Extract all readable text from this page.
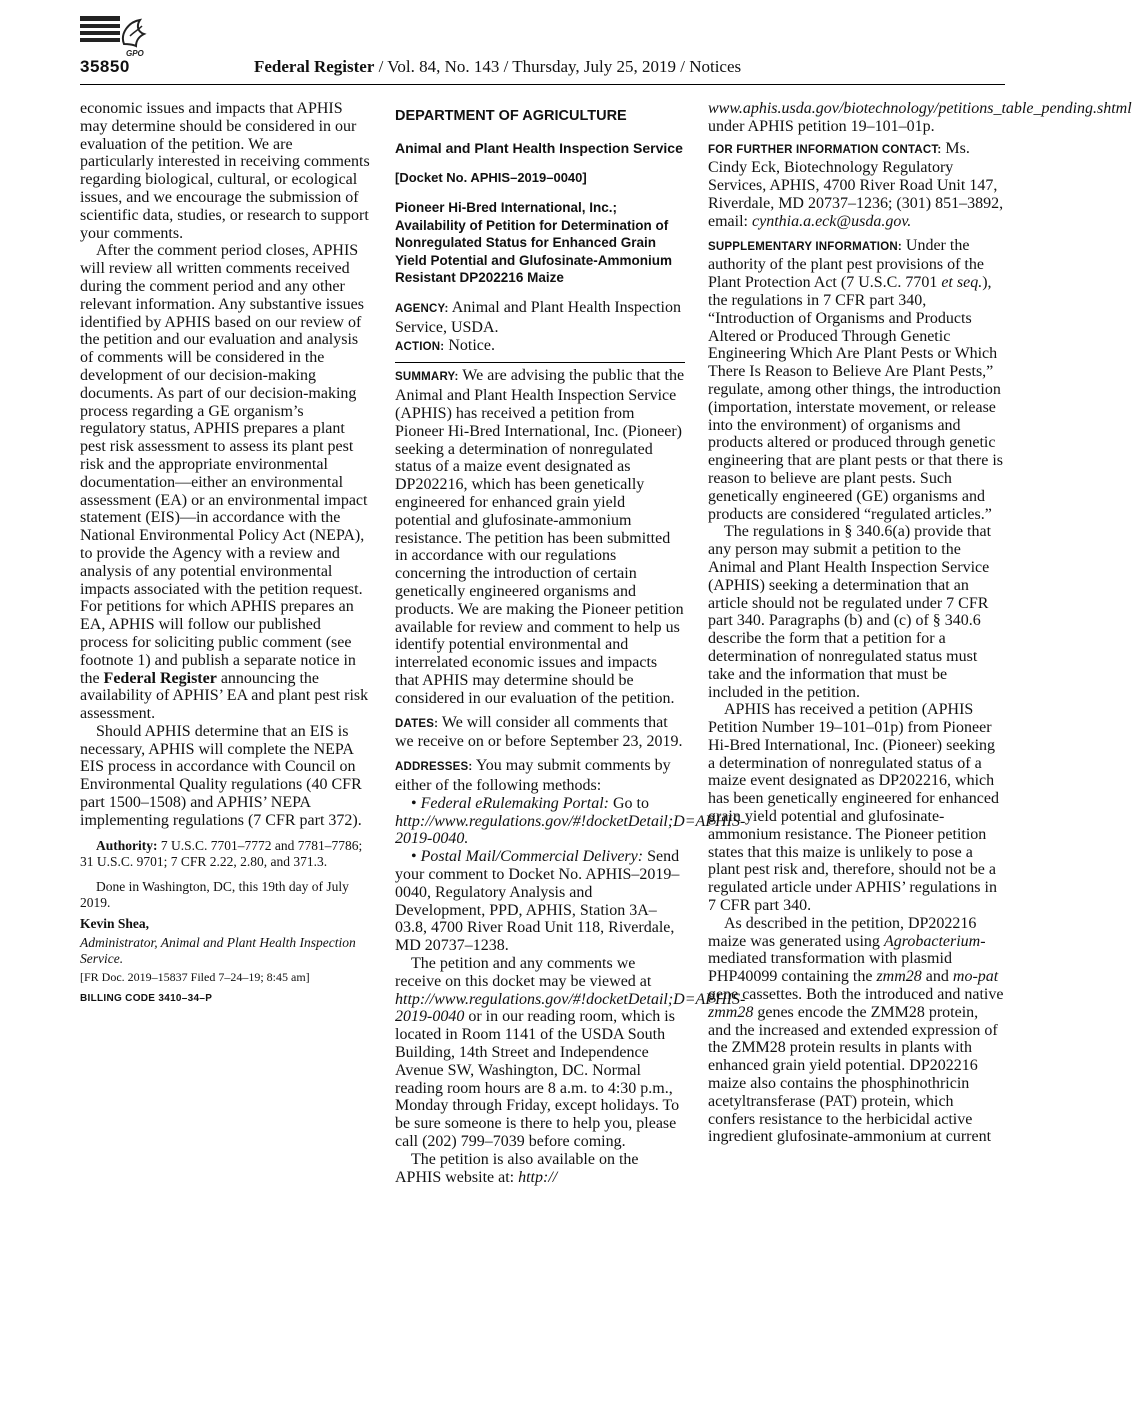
GPO
35850	Federal Register / Vol. 84, No. 143 / Thursday, July 25, 2019 / Notices

economic issues and impacts that APHIS may determine should be considered in our evaluation of the petition. We are particularly interested in receiving comments regarding biological, cultural, or ecological issues, and we encourage the submission of scientific data, studies, or research to support your comments.

After the comment period closes, APHIS will review all written comments received during the comment period and any other relevant information. Any substantive issues identified by APHIS based on our review of the petition and our evaluation and analysis of comments will be considered in the development of our decision-making documents. As part of our decision-making process regarding a GE organism’s regulatory status, APHIS prepares a plant pest risk assessment to assess its plant pest risk and the appropriate environmental documentation—either an environmental assessment (EA) or an environmental impact statement (EIS)—in accordance with the National Environmental Policy Act (NEPA), to provide the Agency with a review and analysis of any potential environmental impacts associated with the petition request. For petitions for which APHIS prepares an EA, APHIS will follow our published process for soliciting public comment (see footnote 1) and publish a separate notice in the Federal Register announcing the availability of APHIS’ EA and plant pest risk assessment.

Should APHIS determine that an EIS is necessary, APHIS will complete the NEPA EIS process in accordance with Council on Environmental Quality regulations (40 CFR part 1500–1508) and APHIS’ NEPA implementing regulations (7 CFR part 372).

Authority: 7 U.S.C. 7701–7772 and 7781–7786; 31 U.S.C. 9701; 7 CFR 2.22, 2.80, and 371.3.

Done in Washington, DC, this 19th day of July 2019.

Kevin Shea,

Administrator, Animal and Plant Health Inspection Service.

[FR Doc. 2019–15837 Filed 7–24–19; 8:45 am]

BILLING CODE 3410–34–P

DEPARTMENT OF AGRICULTURE

Animal and Plant Health Inspection Service

[Docket No. APHIS–2019–0040]

Pioneer Hi-Bred International, Inc.; Availability of Petition for Determination of Nonregulated Status for Enhanced Grain Yield Potential and Glufosinate-Ammonium Resistant DP202216 Maize

AGENCY: Animal and Plant Health Inspection Service, USDA.

ACTION: Notice.

SUMMARY: We are advising the public that the Animal and Plant Health Inspection Service (APHIS) has received a petition from Pioneer Hi-Bred International, Inc. (Pioneer) seeking a determination of nonregulated status of a maize event designated as DP202216, which has been genetically engineered for enhanced grain yield potential and glufosinate-ammonium resistance. The petition has been submitted in accordance with our regulations concerning the introduction of certain genetically engineered organisms and products. We are making the Pioneer petition available for review and comment to help us identify potential environmental and interrelated economic issues and impacts that APHIS may determine should be considered in our evaluation of the petition.

DATES: We will consider all comments that we receive on or before September 23, 2019.

ADDRESSES: You may submit comments by either of the following methods:

• Federal eRulemaking Portal: Go to http://www.regulations.gov/#!docketDetail;D=APHIS-2019-0040.

• Postal Mail/Commercial Delivery: Send your comment to Docket No. APHIS–2019–0040, Regulatory Analysis and Development, PPD, APHIS, Station 3A–03.8, 4700 River Road Unit 118, Riverdale, MD 20737–1238.

The petition and any comments we receive on this docket may be viewed at http://www.regulations.gov/#!docketDetail;D=APHIS-2019-0040 or in our reading room, which is located in Room 1141 of the USDA South Building, 14th Street and Independence Avenue SW, Washington, DC. Normal reading room hours are 8 a.m. to 4:30 p.m., Monday through Friday, except holidays. To be sure someone is there to help you, please call (202) 799–7039 before coming.

The petition is also available on the APHIS website at: http://

www.aphis.usda.gov/biotechnology/petitions_table_pending.shtml under APHIS petition 19–101–01p.

FOR FURTHER INFORMATION CONTACT: Ms. Cindy Eck, Biotechnology Regulatory Services, APHIS, 4700 River Road Unit 147, Riverdale, MD 20737–1236; (301) 851–3892, email: cynthia.a.eck@usda.gov.

SUPPLEMENTARY INFORMATION: Under the authority of the plant pest provisions of the Plant Protection Act (7 U.S.C. 7701 et seq.), the regulations in 7 CFR part 340, “Introduction of Organisms and Products Altered or Produced Through Genetic Engineering Which Are Plant Pests or Which There Is Reason to Believe Are Plant Pests,” regulate, among other things, the introduction (importation, interstate movement, or release into the environment) of organisms and products altered or produced through genetic engineering that are plant pests or that there is reason to believe are plant pests. Such genetically engineered (GE) organisms and products are considered “regulated articles.”

The regulations in § 340.6(a) provide that any person may submit a petition to the Animal and Plant Health Inspection Service (APHIS) seeking a determination that an article should not be regulated under 7 CFR part 340. Paragraphs (b) and (c) of § 340.6 describe the form that a petition for a determination of nonregulated status must take and the information that must be included in the petition.

APHIS has received a petition (APHIS Petition Number 19–101–01p) from Pioneer Hi-Bred International, Inc. (Pioneer) seeking a determination of nonregulated status of a maize event designated as DP202216, which has been genetically engineered for enhanced grain yield potential and glufosinate-ammonium resistance. The Pioneer petition states that this maize is unlikely to pose a plant pest risk and, therefore, should not be a regulated article under APHIS’ regulations in 7 CFR part 340.

As described in the petition, DP202216 maize was generated using Agrobacterium-mediated transformation with plasmid PHP40099 containing the zmm28 and mo-pat gene cassettes. Both the introduced and native zmm28 genes encode the ZMM28 protein, and the increased and extended expression of the ZMM28 protein results in plants with enhanced grain yield potential. DP202216 maize also contains the phosphinothricin acetyltransferase (PAT) protein, which confers resistance to the herbicidal active ingredient glufosinate-ammonium at current
